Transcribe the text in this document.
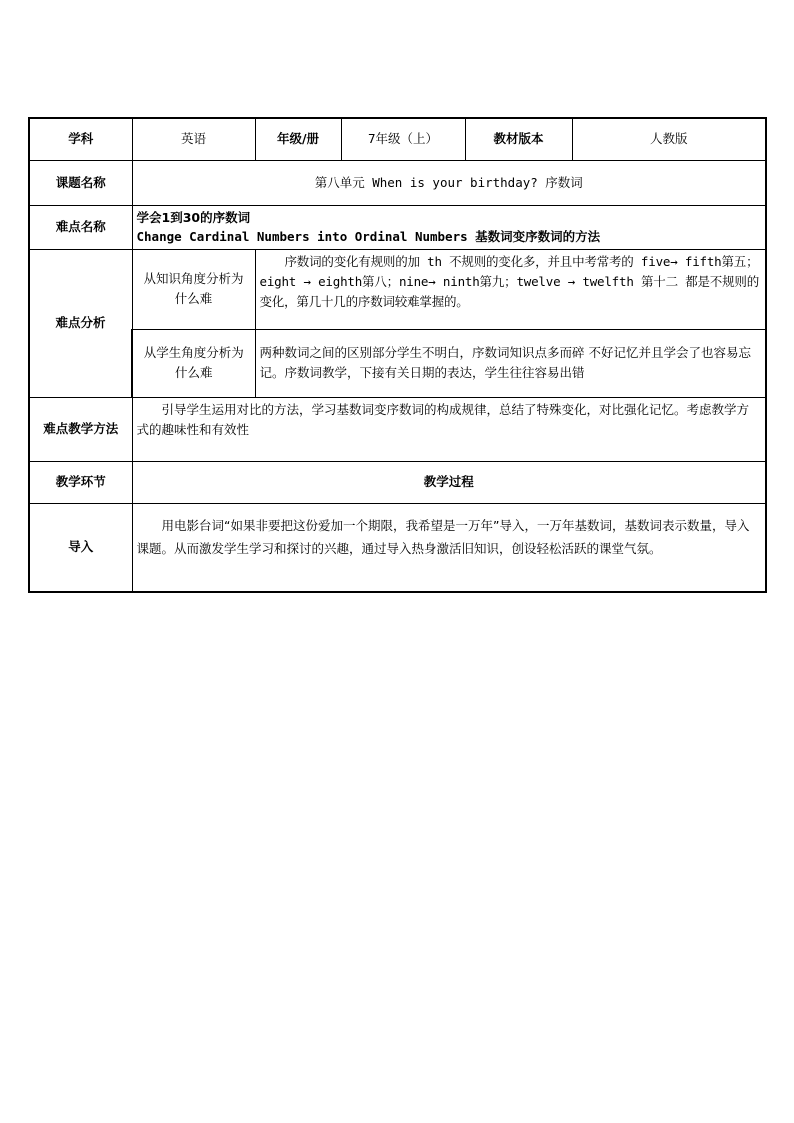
学科	英语	年级/册	7年级（上）	教材版本	人教版
课题名称	第八单元 When is your birthday? 序数词				
难点名称	学会1到30的序数词
Change Cardinal Numbers into Ordinal Numbers 基数词变序数词的方法				

难点分析	从知识角度分析为什么难	序数词的变化有规则的加 th 不规则的变化多，并且中考常考的 five→ fifth第五；eight → eighth第八；nine→ ninth第九；twelve → twelfth 第十二 都是不规则的变化，第几十几的序数词较难掌握的。			
	从学生角度分析为什么难	两种数词之间的区别部分学生不明白，序数词知识点多而碎 不好记忆并且学会了也容易忘记。序数词教学，下接有关日期的表达，学生往往容易出错			
难点教学方法	引导学生运用对比的方法，学习基数词变序数词的构成规律，总结了特殊变化，对比强化记忆。考虑教学方式的趣味性和有效性				
教学环节	教学过程				
导入	用电影台词“如果非要把这份爱加一个期限，我希望是一万年”导入，一万年基数词，基数词表示数量，导入课题。从而激发学生学习和探讨的兴趣，通过导入热身激活旧知识，创设轻松活跃的课堂气氛。				
